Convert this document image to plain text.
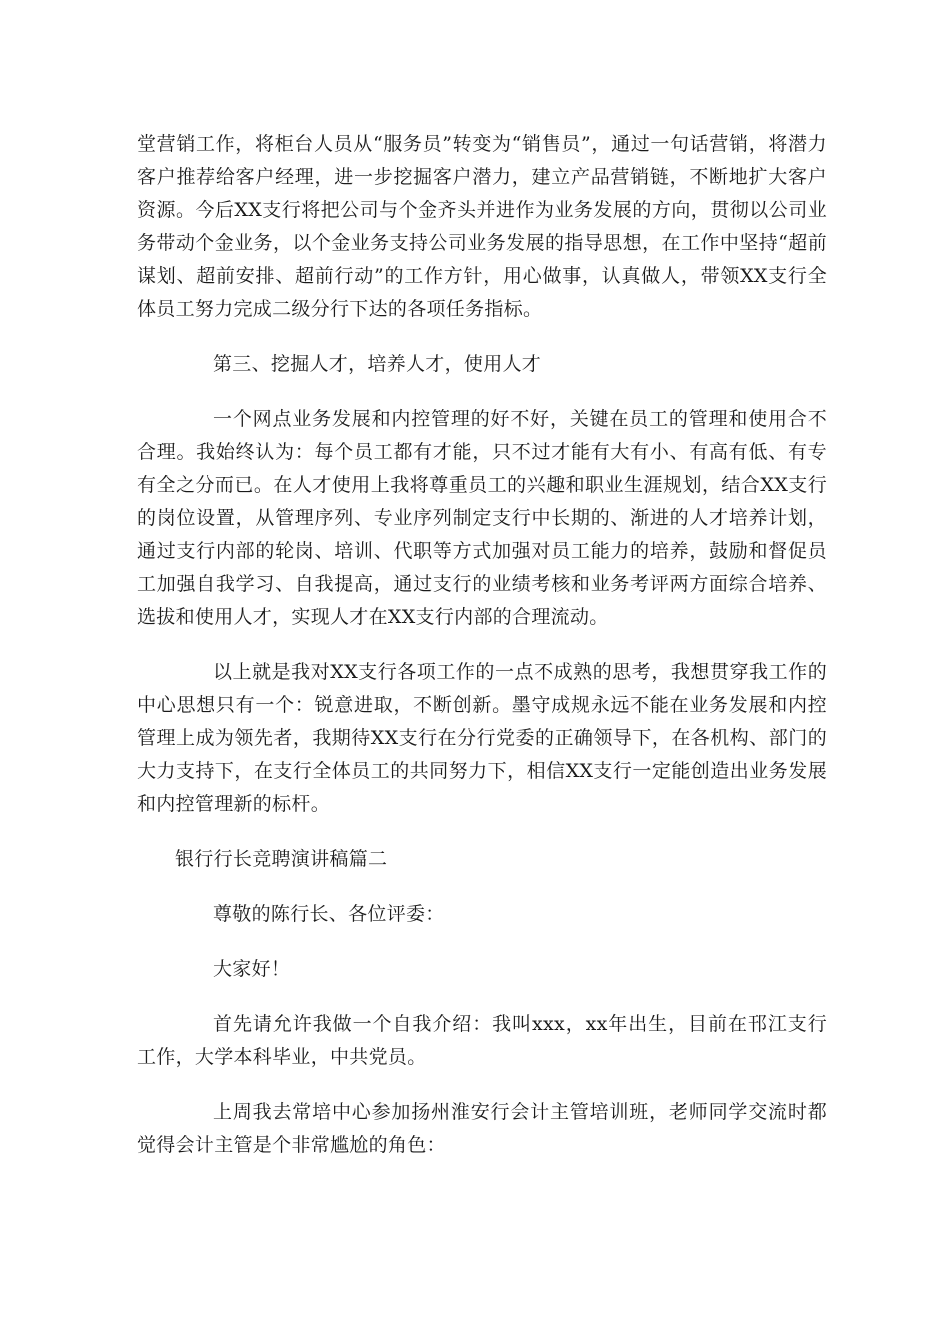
堂营销工作，将柜台人员从“服务员”转变为“销售员”，通过一句话营销，将潜力客户推荐给客户经理，进一步挖掘客户潜力，建立产品营销链，不断地扩大客户资源。今后XX支行将把公司与个金齐头并进作为业务发展的方向，贯彻以公司业务带动个金业务，以个金业务支持公司业务发展的指导思想，在工作中坚持“超前谋划、超前安排、超前行动”的工作方针，用心做事，认真做人，带领XX支行全体员工努力完成二级分行下达的各项任务指标。

第三、挖掘人才，培养人才，使用人才

一个网点业务发展和内控管理的好不好，关键在员工的管理和使用合不合理。我始终认为：每个员工都有才能，只不过才能有大有小、有高有低、有专有全之分而已。在人才使用上我将尊重员工的兴趣和职业生涯规划，结合XX支行的岗位设置，从管理序列、专业序列制定支行中长期的、渐进的人才培养计划，通过支行内部的轮岗、培训、代职等方式加强对员工能力的培养，鼓励和督促员工加强自我学习、自我提高，通过支行的业绩考核和业务考评两方面综合培养、选拔和使用人才，实现人才在XX支行内部的合理流动。

以上就是我对XX支行各项工作的一点不成熟的思考，我想贯穿我工作的中心思想只有一个：锐意进取，不断创新。墨守成规永远不能在业务发展和内控管理上成为领先者，我期待XX支行在分行党委的正确领导下，在各机构、部门的大力支持下，在支行全体员工的共同努力下，相信XX支行一定能创造出业务发展和内控管理新的标杆。

银行行长竞聘演讲稿篇二

尊敬的陈行长、各位评委：

大家好！

首先请允许我做一个自我介绍：我叫xxx，xx年出生，目前在邗江支行工作，大学本科毕业，中共党员。

上周我去常培中心参加扬州淮安行会计主管培训班，老师同学交流时都觉得会计主管是个非常尴尬的角色：
